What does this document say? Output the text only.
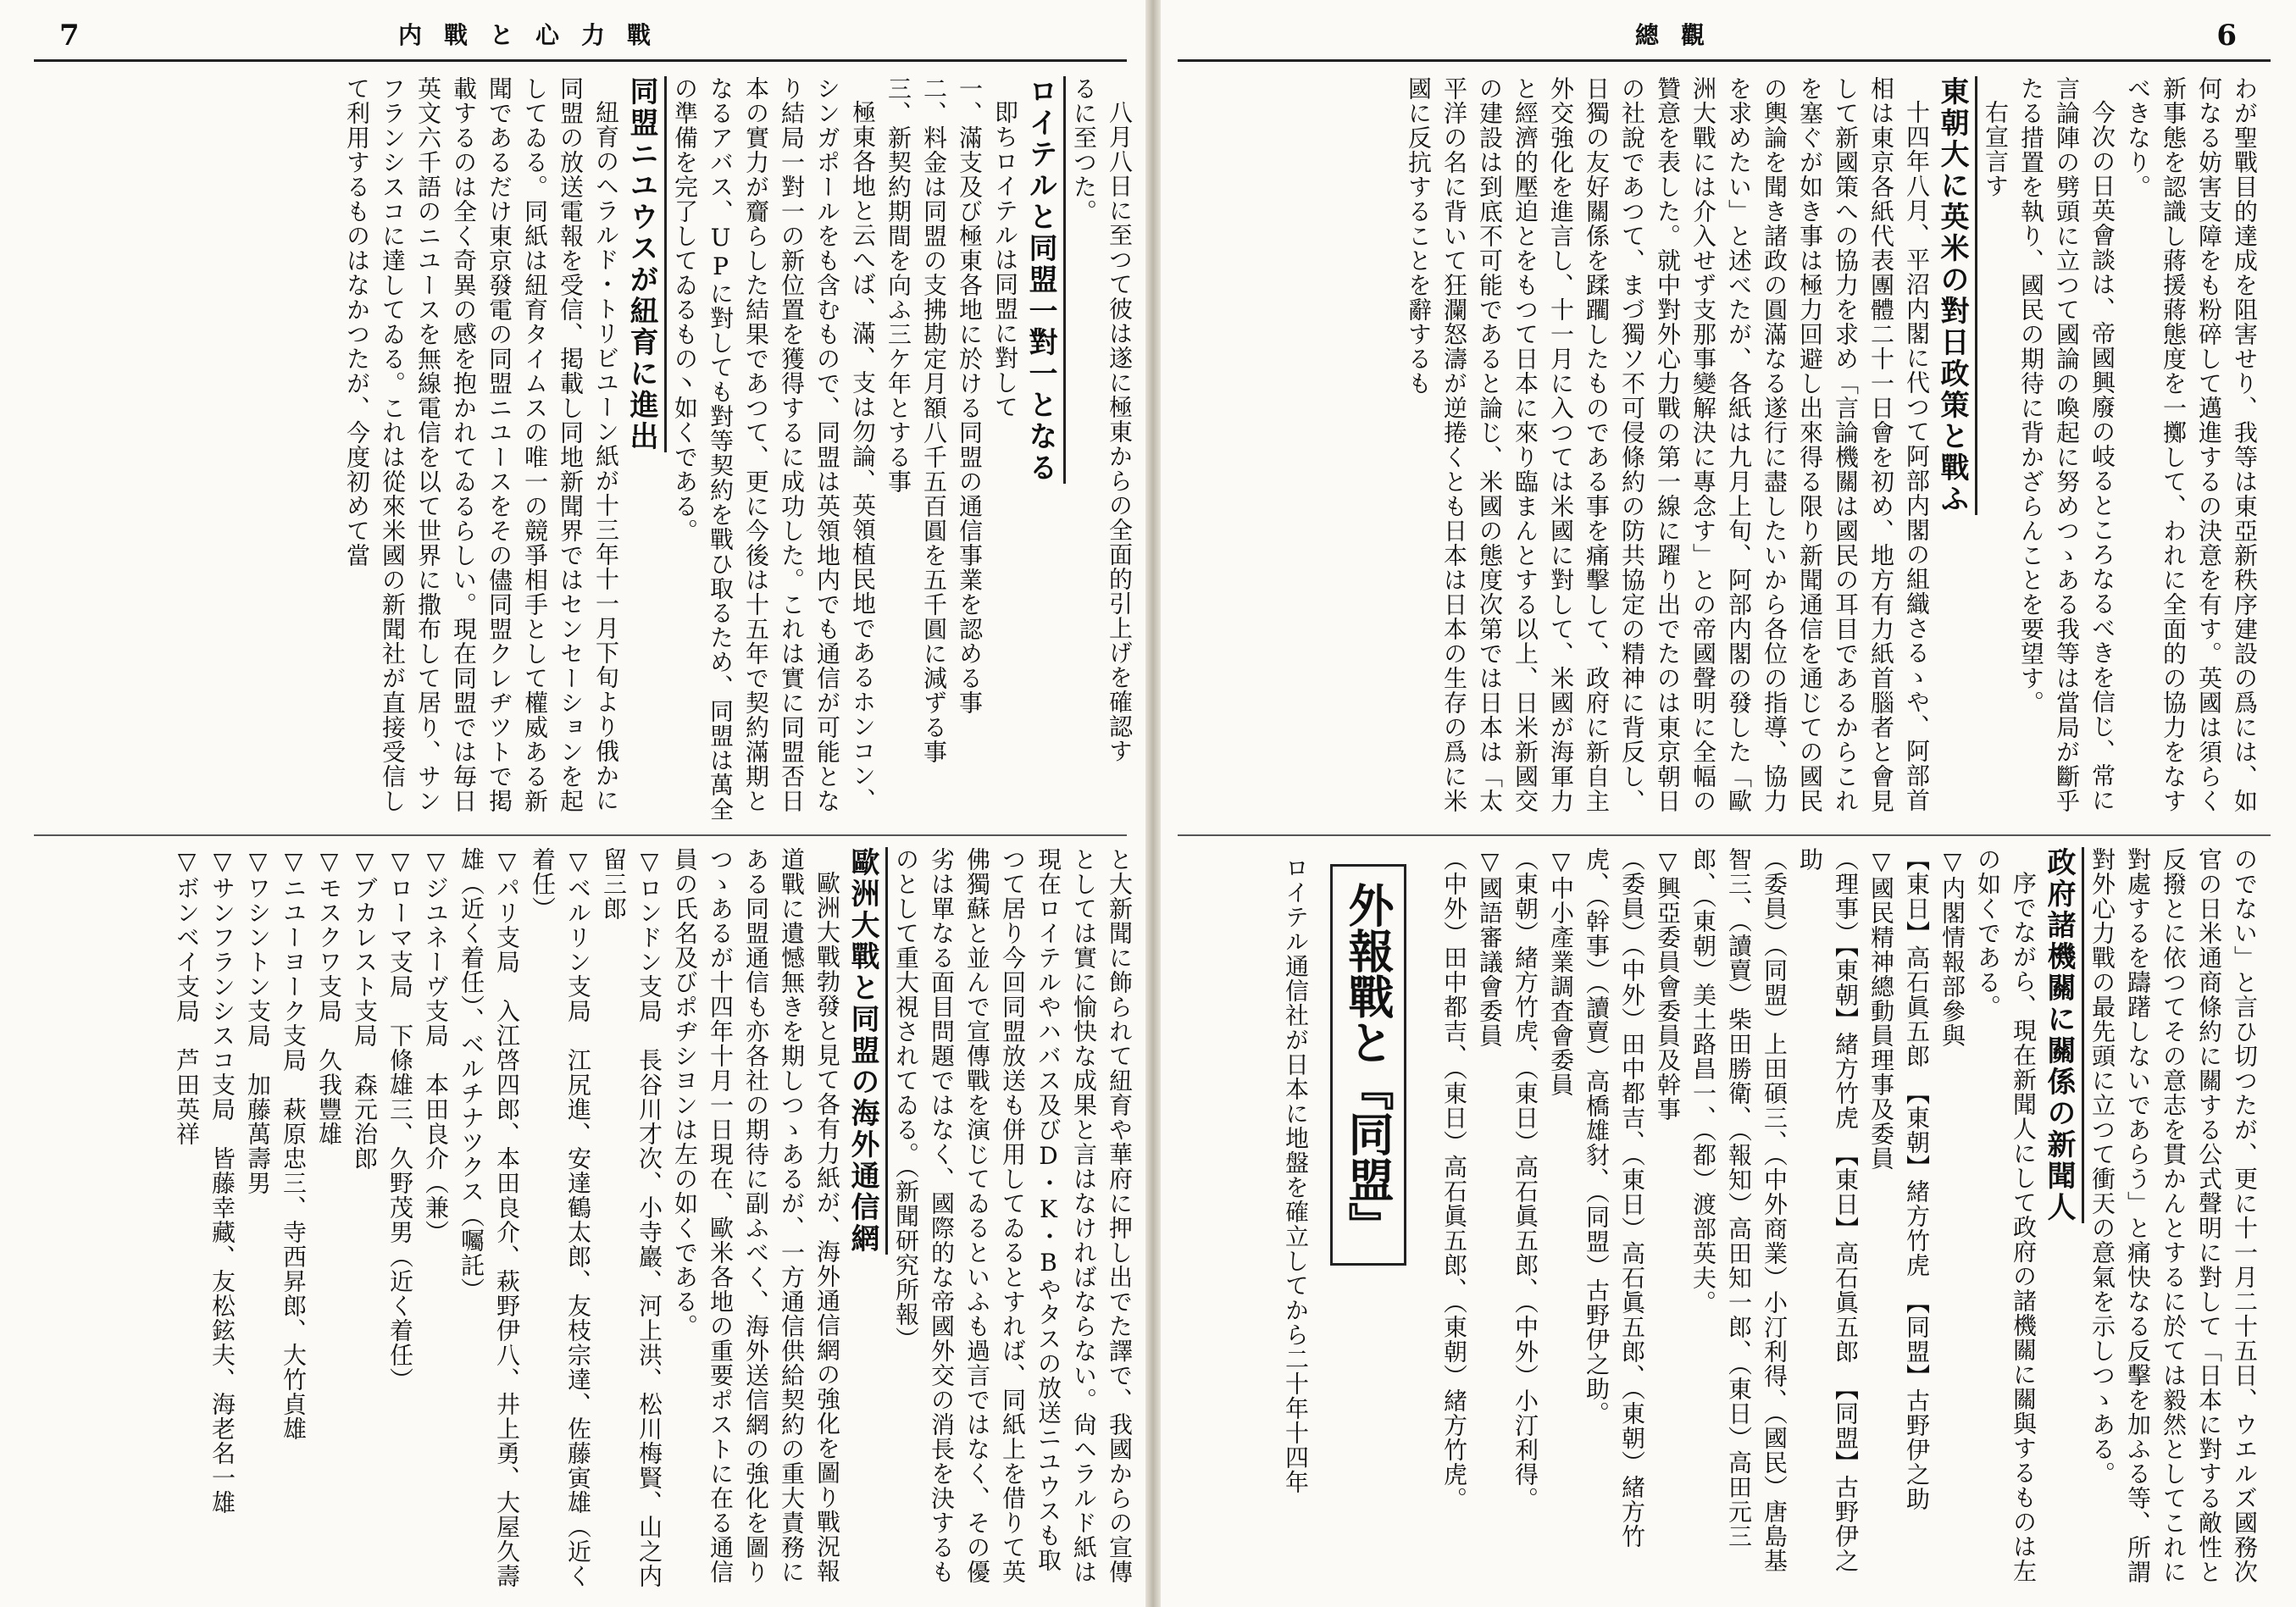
7	内戰と心力戰

八月八日に至つて彼は遂に極東からの全面的引上げを確認す

るに至つた。

ロイテルと同盟一對一となる

即ちロイテルは同盟に對して

一、滿支及び極東各地に於ける同盟の通信事業を認める事

二、料金は同盟の支拂勘定月額八千五百圓を五千圓に減ずる事

三、新契約期間を向ふ三ケ年とする事

極東各地と云へば、滿、支は勿論、英領植民地であるホンコン、シンガポールをも含むもので、同盟は英領地内でも通信が可能となり結局一對一の新位置を獲得するに成功した。これは實に同盟否日本の實力が齎らした結果であつて、更に今後は十五年で契約滿期となるアバス、UPに對しても對等契約を戰ひ取るため、同盟は萬全の準備を完了してゐるもの丶如くである。

同盟ニユウスが紐育に進出

紐育のヘラルド・トリビユーン紙が十三年十一月下旬より俄かに同盟の放送電報を受信、掲載し同地新聞界ではセンセーションを起してゐる。同紙は紐育タイムスの唯一の競爭相手として權威ある新聞であるだけ東京發電の同盟ニユースをその儘同盟クレヂツトで掲載するのは全く奇異の感を抱かれてゐるらしい。現在同盟では毎日英文六千語のニユースを無線電信を以て世界に撒布して居り、サンフランシスコに達してゐる。これは從來米國の新聞社が直接受信して利用するものはなかつたが、今度初めて當

と大新聞に飾られて紐育や華府に押し出でた譯で、我國からの宣傳としては實に愉快な成果と言はなければならない。尙ヘラルド紙は現在ロイテルやハバス及びD・K・Bやタスの放送ニユウスも取つて居り今回同盟放送も併用してゐるとすれば、同紙上を借りて英佛獨蘇と並んで宣傳戰を演じてゐるといふも過言ではなく、その優劣は單なる面目問題ではなく、國際的な帝國外交の消長を決するものとして重大視されてゐる。（新聞研究所報）

歐洲大戰と同盟の海外通信網

歐洲大戰勃發と見て各有力紙が、海外通信網の強化を圖り戰況報道戰に遺憾無きを期しつゝあるが、一方通信供給契約の重大責務にある同盟通信も亦各社の期待に副ふべく、海外送信網の強化を圖りつゝあるが十四年十月一日現在、歐米各地の重要ポストに在る通信員の氏名及びポヂシヨンは左の如くである。

▽ロンドン支局　長谷川才次、小寺巖、河上洪、松川梅賢、山之内留三郎

▽ベルリン支局　江尻進、安達鶴太郎、友枝宗達、佐藤寅雄（近く着任）

▽パリ支局　入江啓四郎、本田良介、萩野伊八、井上勇、大屋久壽雄（近く着任）、ベルチナツクス（囑託）

▽ジユネーヴ支局　本田良介（兼）

▽ローマ支局　下條雄三、久野茂男（近く着任）

▽ブカレスト支局　森元治郎

▽モスクワ支局　久我豐雄

▽ニユーヨーク支局　萩原忠三、寺西昇郎、大竹貞雄

▽ワシントン支局　加藤萬壽男

▽サンフランシスコ支局　皆藤幸藏、友松鉉夫、海老名一雄

▽ボンベイ支局　芦田英祥

6
總觀

わが聖戰目的達成を阻害せり、我等は東亞新秩序建設の爲には、如何なる妨害支障をも粉碎して邁進するの決意を有す。英國は須らく新事態を認識し蔣援蔣態度を一擲して、われに全面的の協力をなすべきなり。

今次の日英會談は、帝國興廢の岐るところなるべきを信じ、常に言論陣の劈頭に立つて國論の喚起に努めつゝある我等は當局が斷乎たる措置を執り、國民の期待に背かざらんことを要望す。

右宣言す

東朝大に英米の對日政策と戰ふ

十四年八月、平沼内閣に代つて阿部内閣の組織さるゝや、阿部首相は東京各紙代表團體二十一日會を初め、地方有力紙首腦者と會見して新國策への協力を求め「言論機關は國民の耳目であるからこれを塞ぐが如き事は極力回避し出來得る限り新聞通信を通じての國民の輿論を聞き諸政の圓滿なる遂行に盡したいから各位の指導、協力を求めたい」と述べたが、各紙は九月上旬、阿部内閣の發した「歐洲大戰には介入せず支那事變解決に專念す」との帝國聲明に全幅の贊意を表した。就中對外心力戰の第一線に躍り出でたのは東京朝日の社說であつて、まづ獨ソ不可侵條約の防共協定の精神に背反し、日獨の友好關係を蹂躙したものである事を痛擊して、政府に新自主外交強化を進言し、十一月に入つては米國に對して、米國が海軍力と經濟的壓迫とをもつて日本に來り臨まんとする以上、日米新國交の建設は到底不可能であると論じ、米國の態度次第では日本は「太平洋の名に背いて狂瀾怒濤が逆捲くとも日本は日本の生存の爲に米國に反抗することを辭するも

のでない」と言ひ切つたが、更に十一月二十五日、ウエルズ國務次官の日米通商條約に關する公式聲明に對して「日本に對する敵性と反撥とに依つてその意志を貫かんとするに於ては毅然としてこれに對處するを躊躇しないであらう」と痛快なる反擊を加ふる等、所謂對外心力戰の最先頭に立つて衝天の意氣を示しつゝある。

政府諸機關に關係の新聞人

序でながら、現在新聞人にして政府の諸機關に關與するものは左の如くである。

▽内閣情報部參與

【東日】高石眞五郎　【東朝】緒方竹虎　【同盟】古野伊之助

▽國民精神總動員理事及委員

（理事）【東朝】緒方竹虎　【東日】高石眞五郎　【同盟】古野伊之助

（委員）（同盟）上田碩三、（中外商業）小汀利得、（國民）唐島基智三、（讀賣）柴田勝衛、（報知）高田知一郎、（東日）高田元三郎、（東朝）美土路昌一、（都）渡部英夫。

▽興亞委員會委員及幹事

（委員）（中外）田中都吉、（東日）高石眞五郎、（東朝）緒方竹虎、（幹事）（讀賣）高橋雄豺、（同盟）古野伊之助。

▽中小產業調査會委員

（東朝）緒方竹虎、（東日）高石眞五郎、（中外）小汀利得。

▽國語審議會委員

（中外）田中都吉、（東日）高石眞五郎、（東朝）緒方竹虎。

外報戰と『同盟』

ロイテル通信社が日本に地盤を確立してから二十年十四年
